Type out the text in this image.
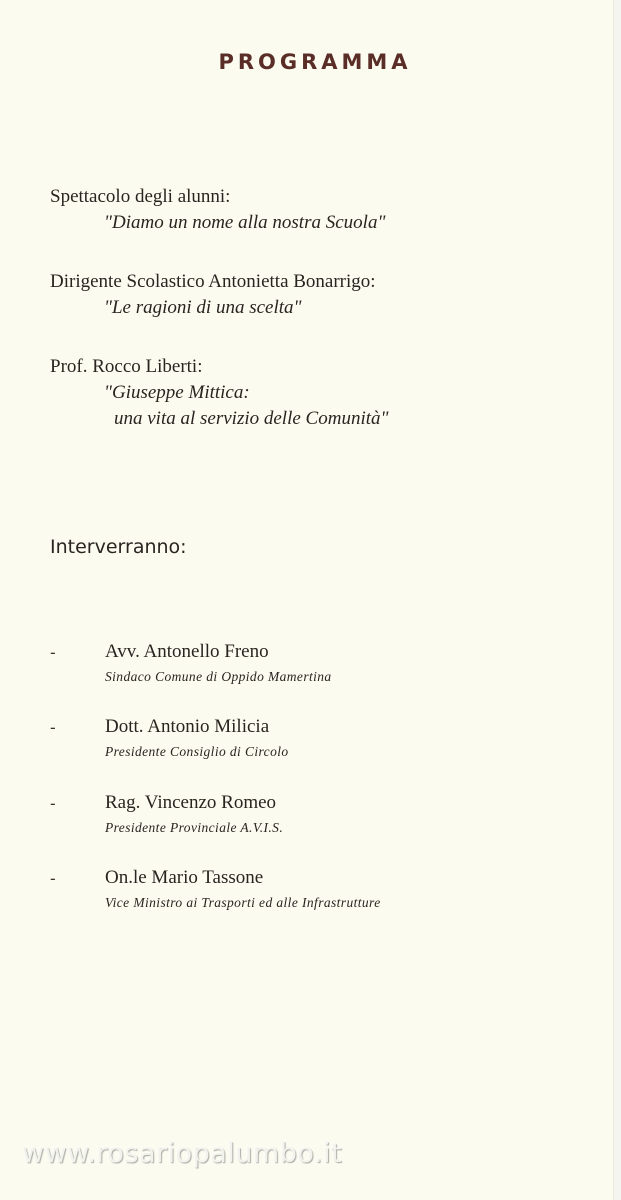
PROGRAMMA
Spettacolo degli alunni:
"Diamo un nome alla nostra Scuola"
Dirigente Scolastico Antonietta Bonarrigo:
"Le ragioni di una scelta"
Prof. Rocco Liberti:
"Giuseppe Mittica:
una vita al servizio delle Comunità"
Interverranno:
-	Avv. Antonello Freno
Sindaco Comune di Oppido Mamertina
-	Dott. Antonio Milicia
Presidente Consiglio di Circolo
-	Rag. Vincenzo Romeo
Presidente Provinciale A.V.I.S.
-	On.le Mario Tassone
Vice Ministro ai Trasporti ed alle Infrastrutture
www.rosariopalumbo.it
